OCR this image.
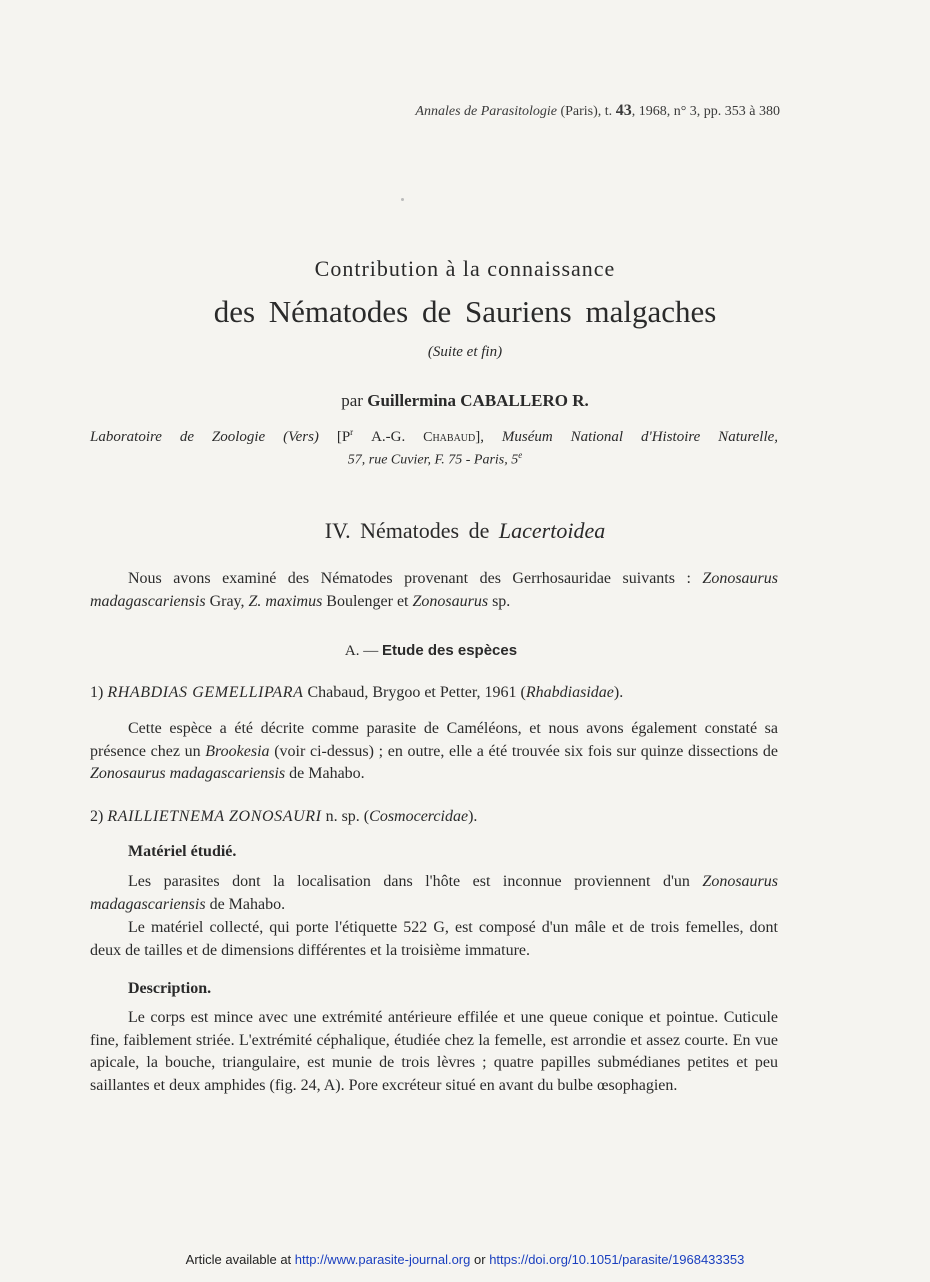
Annales de Parasitologie (Paris), t. 43, 1968, n° 3, pp. 353 à 380
Contribution à la connaissance
des Nématodes de Sauriens malgaches
(Suite et fin)
par Guillermina CABALLERO R.
Laboratoire de Zoologie (Vers) [$P^r$ A.-G. Chabaud], Muséum National d'Histoire Naturelle,
57, rue Cuvier, F. 75 - Paris, 5e
IV. Nématodes de Lacertoidea
Nous avons examiné des Nématodes provenant des Gerrhosauridae suivants : Zonosaurus madagascariensis Gray, Z. maximus Boulenger et Zonosaurus sp.
A. — Etude des espèces
1) RHABDIAS GEMELLIPARA Chabaud, Brygoo et Petter, 1961 (Rhabdiasidae).
Cette espèce a été décrite comme parasite de Caméléons, et nous avons également constaté sa présence chez un Brookesia (voir ci-dessus) ; en outre, elle a été trouvée six fois sur quinze dissections de Zonosaurus madagascariensis de Mahabo.
2) RAILLIETNEMA ZONOSAURI n. sp. (Cosmocercidae).
Matériel étudié.
Les parasites dont la localisation dans l'hôte est inconnue proviennent d'un Zonosaurus madagascariensis de Mahabo.
Le matériel collecté, qui porte l'étiquette 522 G, est composé d'un mâle et de trois femelles, dont deux de tailles et de dimensions différentes et la troisième immature.
Description.
Le corps est mince avec une extrémité antérieure effilée et une queue conique et pointue. Cuticule fine, faiblement striée. L'extrémité céphalique, étudiée chez la femelle, est arrondie et assez courte. En vue apicale, la bouche, triangulaire, est munie de trois lèvres ; quatre papilles submédianes petites et peu saillantes et deux amphides (fig. 24, A). Pore excréteur situé en avant du bulbe œsophagien.
Article available at http://www.parasite-journal.org or https://doi.org/10.1051/parasite/1968433353
